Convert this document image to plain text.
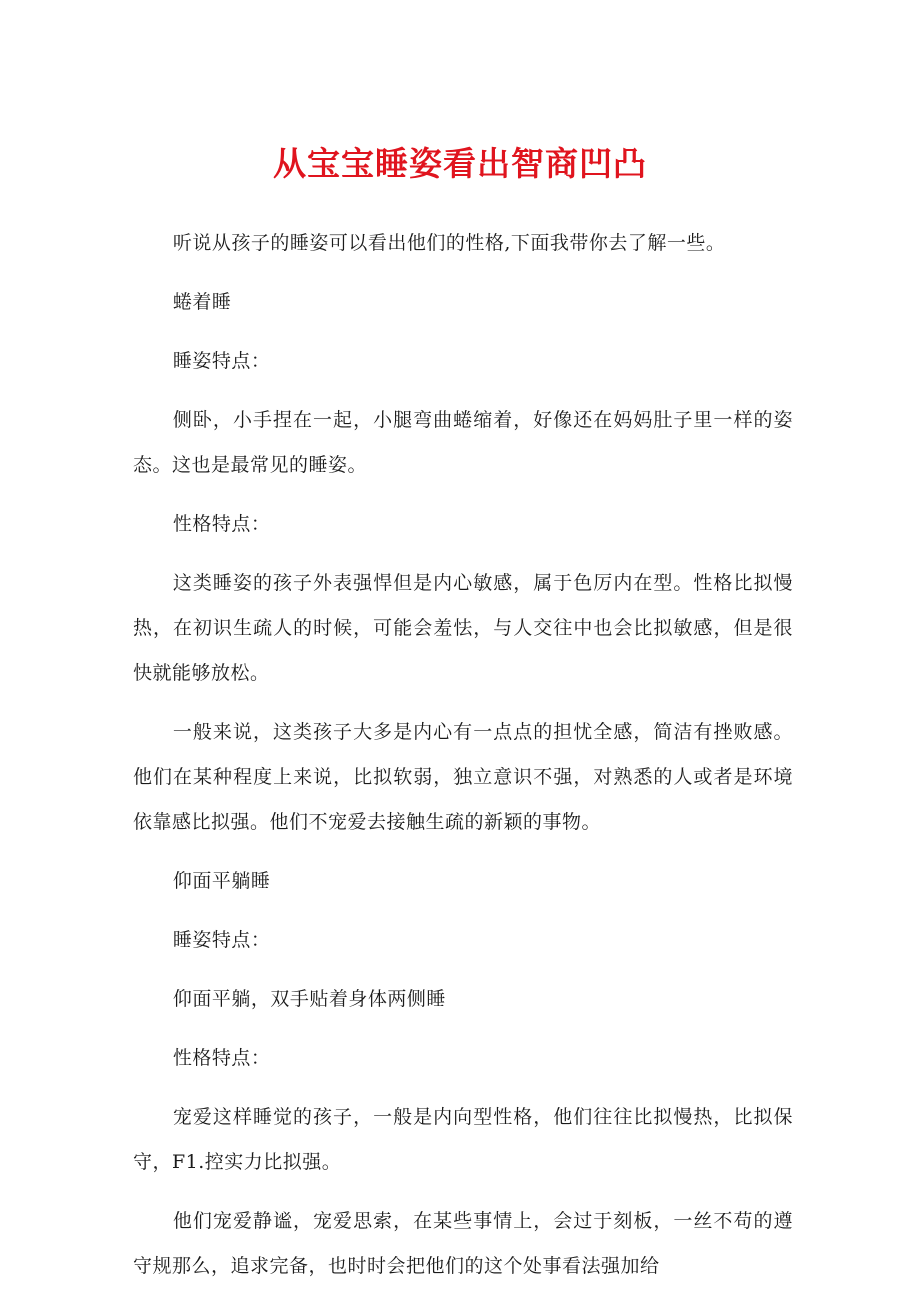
从宝宝睡姿看出智商凹凸

听说从孩子的睡姿可以看出他们的性格,下面我带你去了解一些。

蜷着睡

睡姿特点：

侧卧，小手捏在一起，小腿弯曲蜷缩着，好像还在妈妈肚子里一样的姿态。这也是最常见的睡姿。

性格特点：

这类睡姿的孩子外表强悍但是内心敏感，属于色厉内在型。性格比拟慢热，在初识生疏人的时候，可能会羞怯，与人交往中也会比拟敏感，但是很快就能够放松。

一般来说，这类孩子大多是内心有一点点的担忧全感，简洁有挫败感。他们在某种程度上来说，比拟软弱，独立意识不强，对熟悉的人或者是环境依靠感比拟强。他们不宠爱去接触生疏的新颖的事物。

仰面平躺睡

睡姿特点：

仰面平躺，双手贴着身体两侧睡

性格特点：

宠爱这样睡觉的孩子，一般是内向型性格，他们往往比拟慢热，比拟保守，F1.控实力比拟强。

他们宠爱静谧，宠爱思索，在某些事情上，会过于刻板，一丝不苟的遵守规那么，追求完备，也时时会把他们的这个处事看法强加给
